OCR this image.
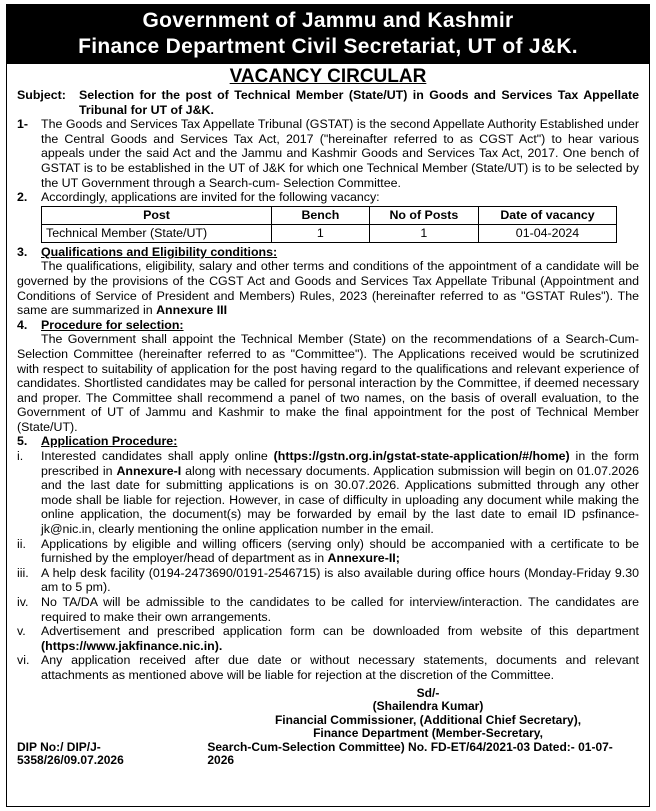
Government of Jammu and Kashmir
Finance Department Civil Secretariat, UT of J&K.
VACANCY CIRCULAR
Subject:	Selection for the post of Technical Member (State/UT) in Goods and Services Tax Appellate Tribunal for UT of J&K.
1-	The Goods and Services Tax Appellate Tribunal (GSTAT) is the second Appellate Authority Established under the Central Goods and Services Tax Act, 2017 ("hereinafter referred to as CGST Act") to hear various appeals under the said Act and the Jammu and Kashmir Goods and Services Tax Act, 2017. One bench of GSTAT is to be established in the UT of J&K for which one Technical Member (State/UT) is to be selected by the UT Government through a Search-cum- Selection Committee.
2.	Accordingly, applications are invited for the following vacancy:
Post	Bench	No of Posts	Date of vacancy
Technical Member (State/UT)	1	1	01-04-2024
3.	Qualifications and Eligibility conditions:
The qualifications, eligibility, salary and other terms and conditions of the appointment of a candidate will be governed by the provisions of the CGST Act and Goods and Services Tax Appellate Tribunal (Appointment and Conditions of Service of President and Members) Rules, 2023 (hereinafter referred to as "GSTAT Rules"). The same are summarized in Annexure III
4.	Procedure for selection:
The Government shall appoint the Technical Member (State) on the recommendations of a Search-Cum-Selection Committee (hereinafter referred to as "Committee"). The Applications received would be scrutinized with respect to suitability of application for the post having regard to the qualifications and relevant experience of candidates. Shortlisted candidates may be called for personal interaction by the Committee, if deemed necessary and proper. The Committee shall recommend a panel of two names, on the basis of overall evaluation, to the Government of UT of Jammu and Kashmir to make the final appointment for the post of Technical Member (State/UT).
5.	Application Procedure:
i.	Interested candidates shall apply online (https://gstn.org.in/gstat-state-application/#/home) in the form prescribed in Annexure-I along with necessary documents. Application submission will begin on 01.07.2026 and the last date for submitting applications is on 30.07.2026. Applications submitted through any other mode shall be liable for rejection. However, in case of difficulty in uploading any document while making the online application, the document(s) may be forwarded by email by the last date to email ID psfinance-jk@nic.in, clearly mentioning the online application number in the email.
ii.	Applications by eligible and willing officers (serving only) should be accompanied with a certificate to be furnished by the employer/head of department as in Annexure-II;
iii. A help desk facility (0194-2473690/0191-2546715) is also available during office hours (Monday-Friday 9.30 am to 5 pm).
iv.	No TA/DA will be admissible to the candidates to be called for interview/interaction. The candidates are required to make their own arrangements.
v.	Advertisement and prescribed application form can be downloaded from website of this department (https://www.jakfinance.nic.in).
vi. Any application received after due date or without necessary statements, documents and relevant attachments as mentioned above will be liable for rejection at the discretion of the Committee.
Sd/-
(Shailendra Kumar)
Financial Commissioner, (Additional Chief Secretary),
Finance Department (Member-Secretary,
DIP No:/ DIP/J-5358/26/09.07.2026
Search-Cum-Selection Committee) No. FD-ET/64/2021-03 Dated:- 01-07-2026
